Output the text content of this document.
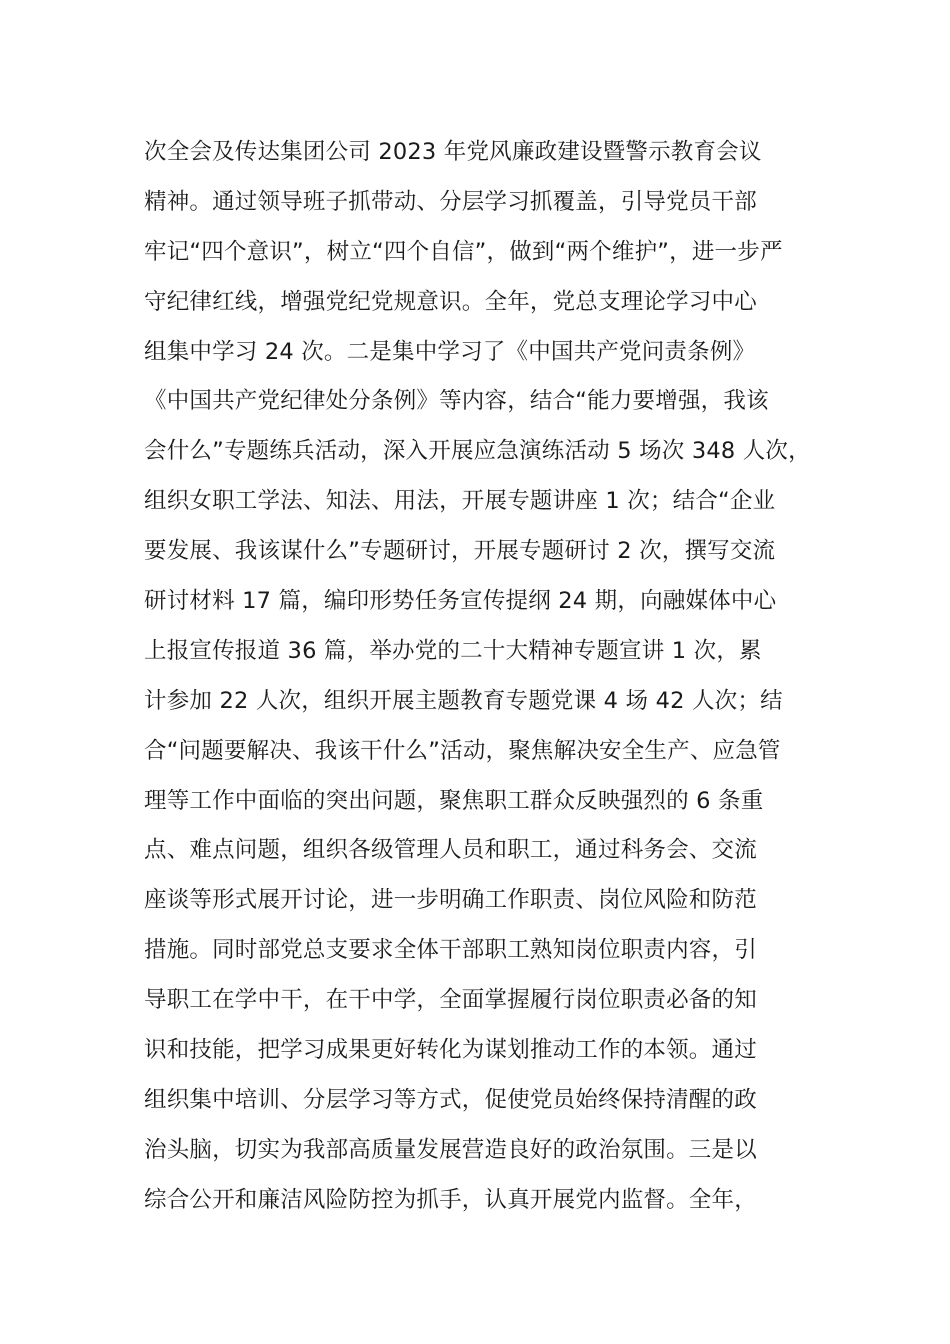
次全会及传达集团公司 2023 年党风廉政建设暨警示教育会议
精神。通过领导班子抓带动、分层学习抓覆盖，引导党员干部
牢记“四个意识”，树立“四个自信”，做到“两个维护”，进一步严
守纪律红线，增强党纪党规意识。全年，党总支理论学习中心
组集中学习 24 次。二是集中学习了《中国共产党问责条例》
《中国共产党纪律处分条例》等内容，结合“能力要增强，我该
会什么”专题练兵活动，深入开展应急演练活动 5 场次 348 人次，
组织女职工学法、知法、用法，开展专题讲座 1 次；结合“企业
要发展、我该谋什么”专题研讨，开展专题研讨 2 次，撰写交流
研讨材料 17 篇，编印形势任务宣传提纲 24 期，向融媒体中心
上报宣传报道 36 篇，举办党的二十大精神专题宣讲 1 次，累
计参加 22 人次，组织开展主题教育专题党课 4 场 42 人次；结
合“问题要解决、我该干什么”活动，聚焦解决安全生产、应急管
理等工作中面临的突出问题，聚焦职工群众反映强烈的 6 条重
点、难点问题，组织各级管理人员和职工，通过科务会、交流
座谈等形式展开讨论，进一步明确工作职责、岗位风险和防范
措施。同时部党总支要求全体干部职工熟知岗位职责内容，引
导职工在学中干，在干中学，全面掌握履行岗位职责必备的知
识和技能，把学习成果更好转化为谋划推动工作的本领。通过
组织集中培训、分层学习等方式，促使党员始终保持清醒的政
治头脑，切实为我部高质量发展营造良好的政治氛围。三是以
综合公开和廉洁风险防控为抓手，认真开展党内监督。全年，
